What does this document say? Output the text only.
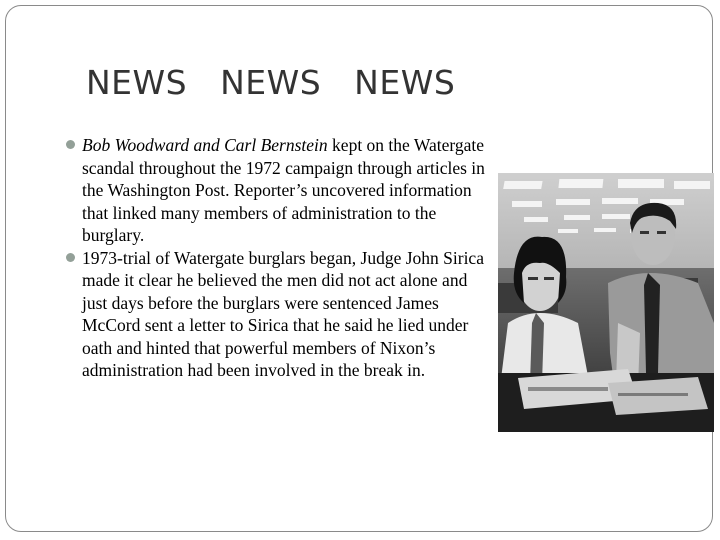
NEWS   NEWS   NEWS
Bob Woodward and Carl Bernstein kept on the Watergate scandal throughout the 1972 campaign through articles in the Washington Post. Reporter’s uncovered information that linked many members of administration to the burglary.
1973-trial of Watergate burglars began, Judge John Sirica made it clear he believed the men did not act alone and just days before the burglars were sentenced James McCord sent a letter to Sirica that he said he lied under oath and hinted that powerful members of Nixon’s administration had been involved in the break in.
